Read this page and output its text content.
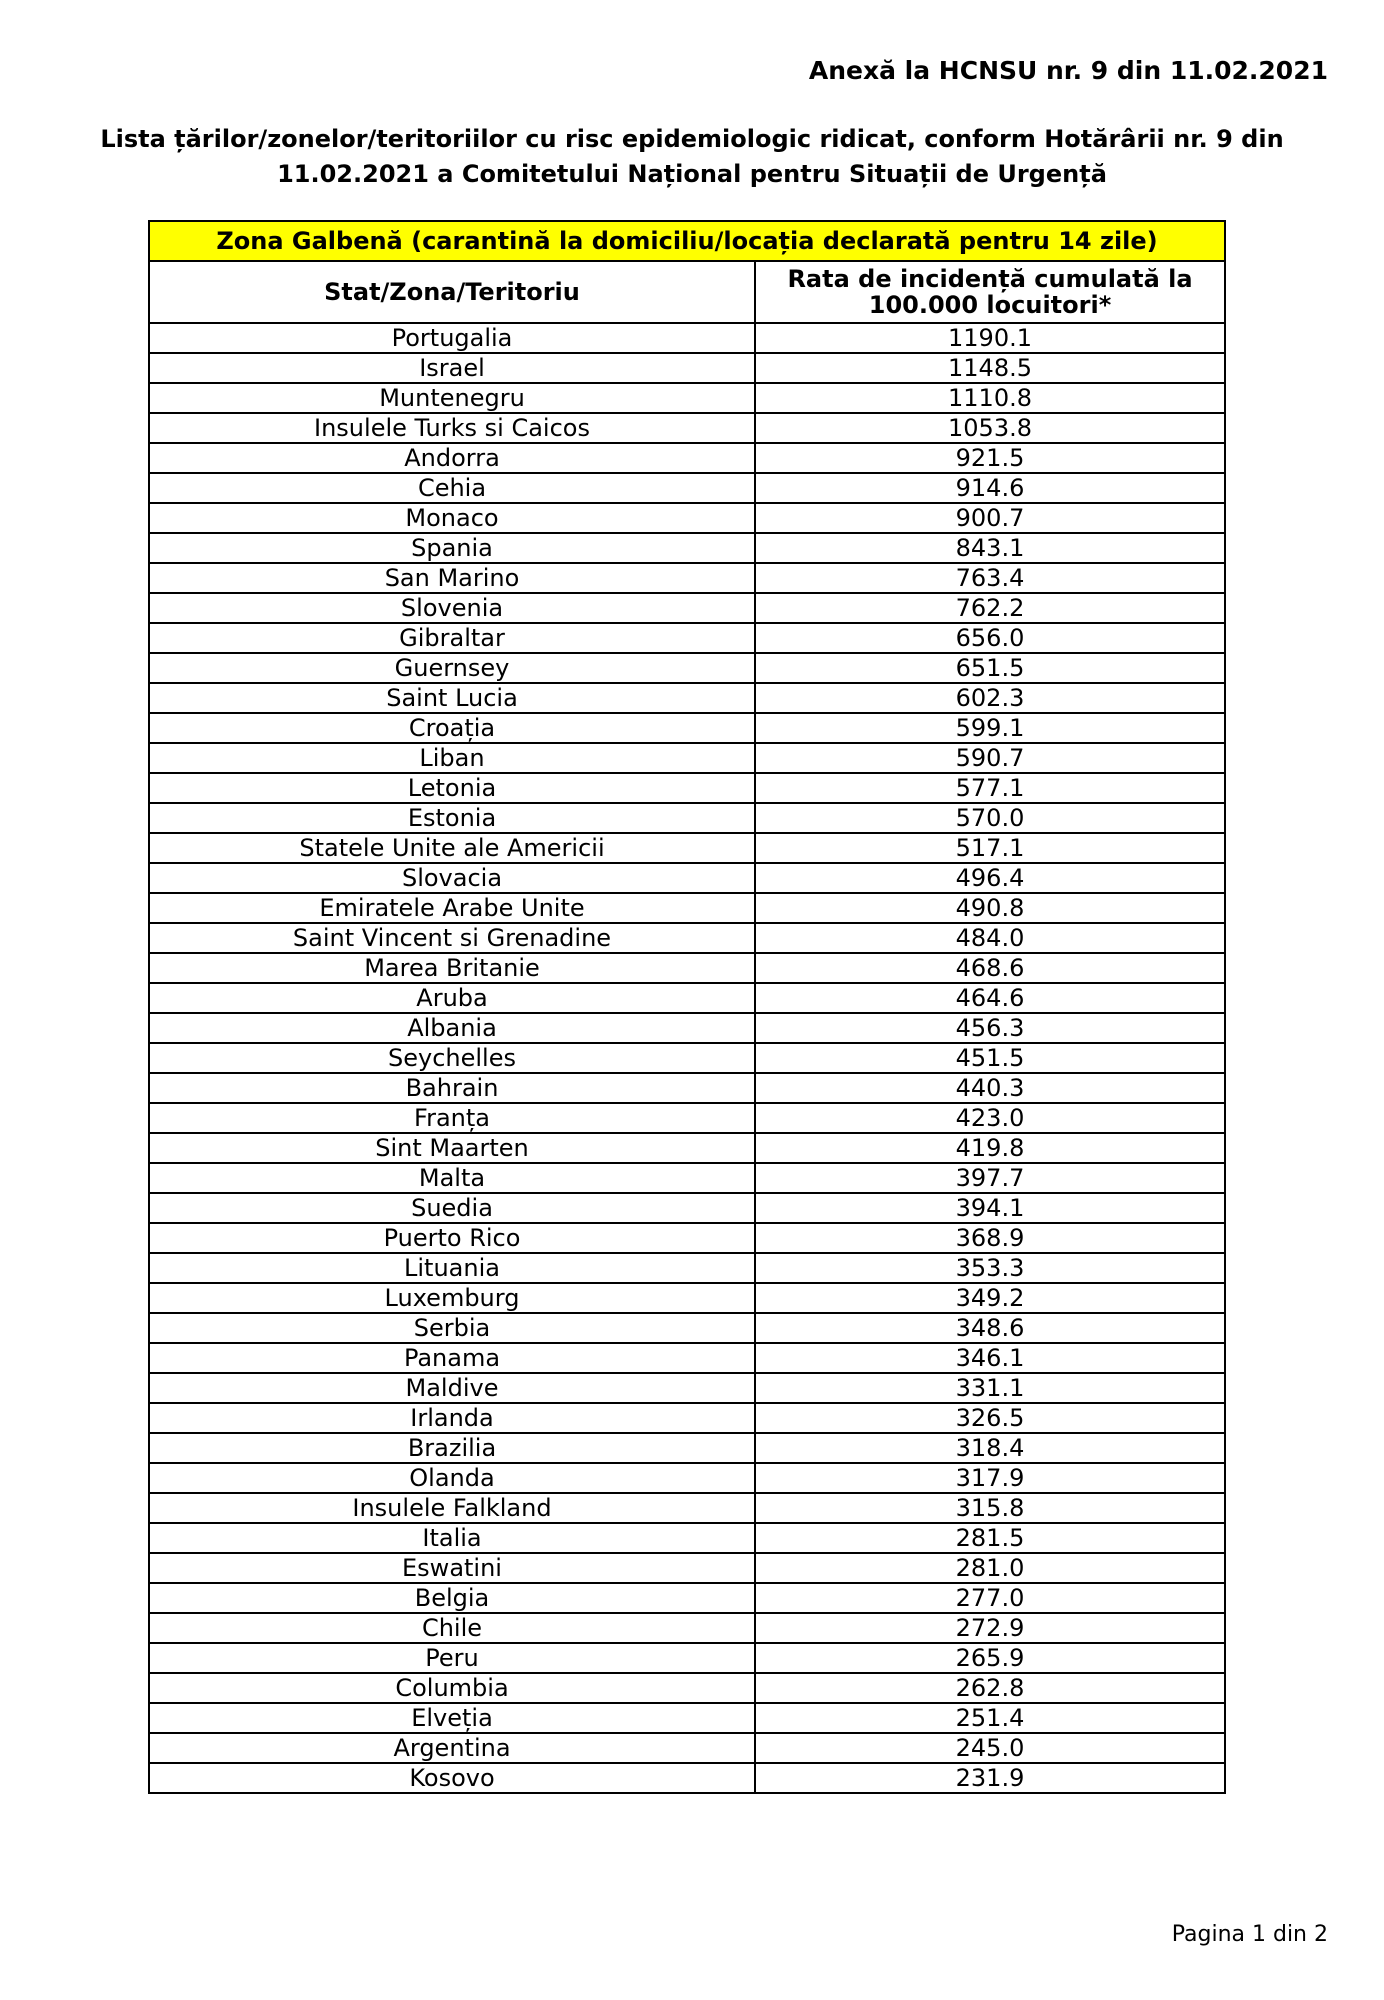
Anexă la HCNSU nr. 9 din 11.02.2021
Lista țărilor/zonelor/teritoriilor cu risc epidemiologic ridicat, conform Hotărârii nr. 9 din
11.02.2021 a Comitetului Național pentru Situații de Urgență
Zona Galbenă (carantină la domiciliu/locația declarată pentru 14 zile)	
Stat/Zona/Teritoriu	Rata de incidență cumulată la
100.000 locuitori*

Portugalia	1190.1
Israel	1148.5
Muntenegru	1110.8
Insulele Turks si Caicos	1053.8
Andorra	921.5
Cehia	914.6
Monaco	900.7
Spania	843.1
San Marino	763.4
Slovenia	762.2
Gibraltar	656.0
Guernsey	651.5
Saint Lucia	602.3
Croația	599.1
Liban	590.7
Letonia	577.1
Estonia	570.0
Statele Unite ale Americii	517.1
Slovacia	496.4
Emiratele Arabe Unite	490.8
Saint Vincent si Grenadine	484.0
Marea Britanie	468.6
Aruba	464.6
Albania	456.3
Seychelles	451.5
Bahrain	440.3
Franța	423.0
Sint Maarten	419.8
Malta	397.7
Suedia	394.1
Puerto Rico	368.9
Lituania	353.3
Luxemburg	349.2
Serbia	348.6
Panama	346.1
Maldive	331.1
Irlanda	326.5
Brazilia	318.4
Olanda	317.9
Insulele Falkland	315.8
Italia	281.5
Eswatini	281.0
Belgia	277.0
Chile	272.9
Peru	265.9
Columbia	262.8
Elveția	251.4
Argentina	245.0
Kosovo	231.9
Pagina 1 din 2
